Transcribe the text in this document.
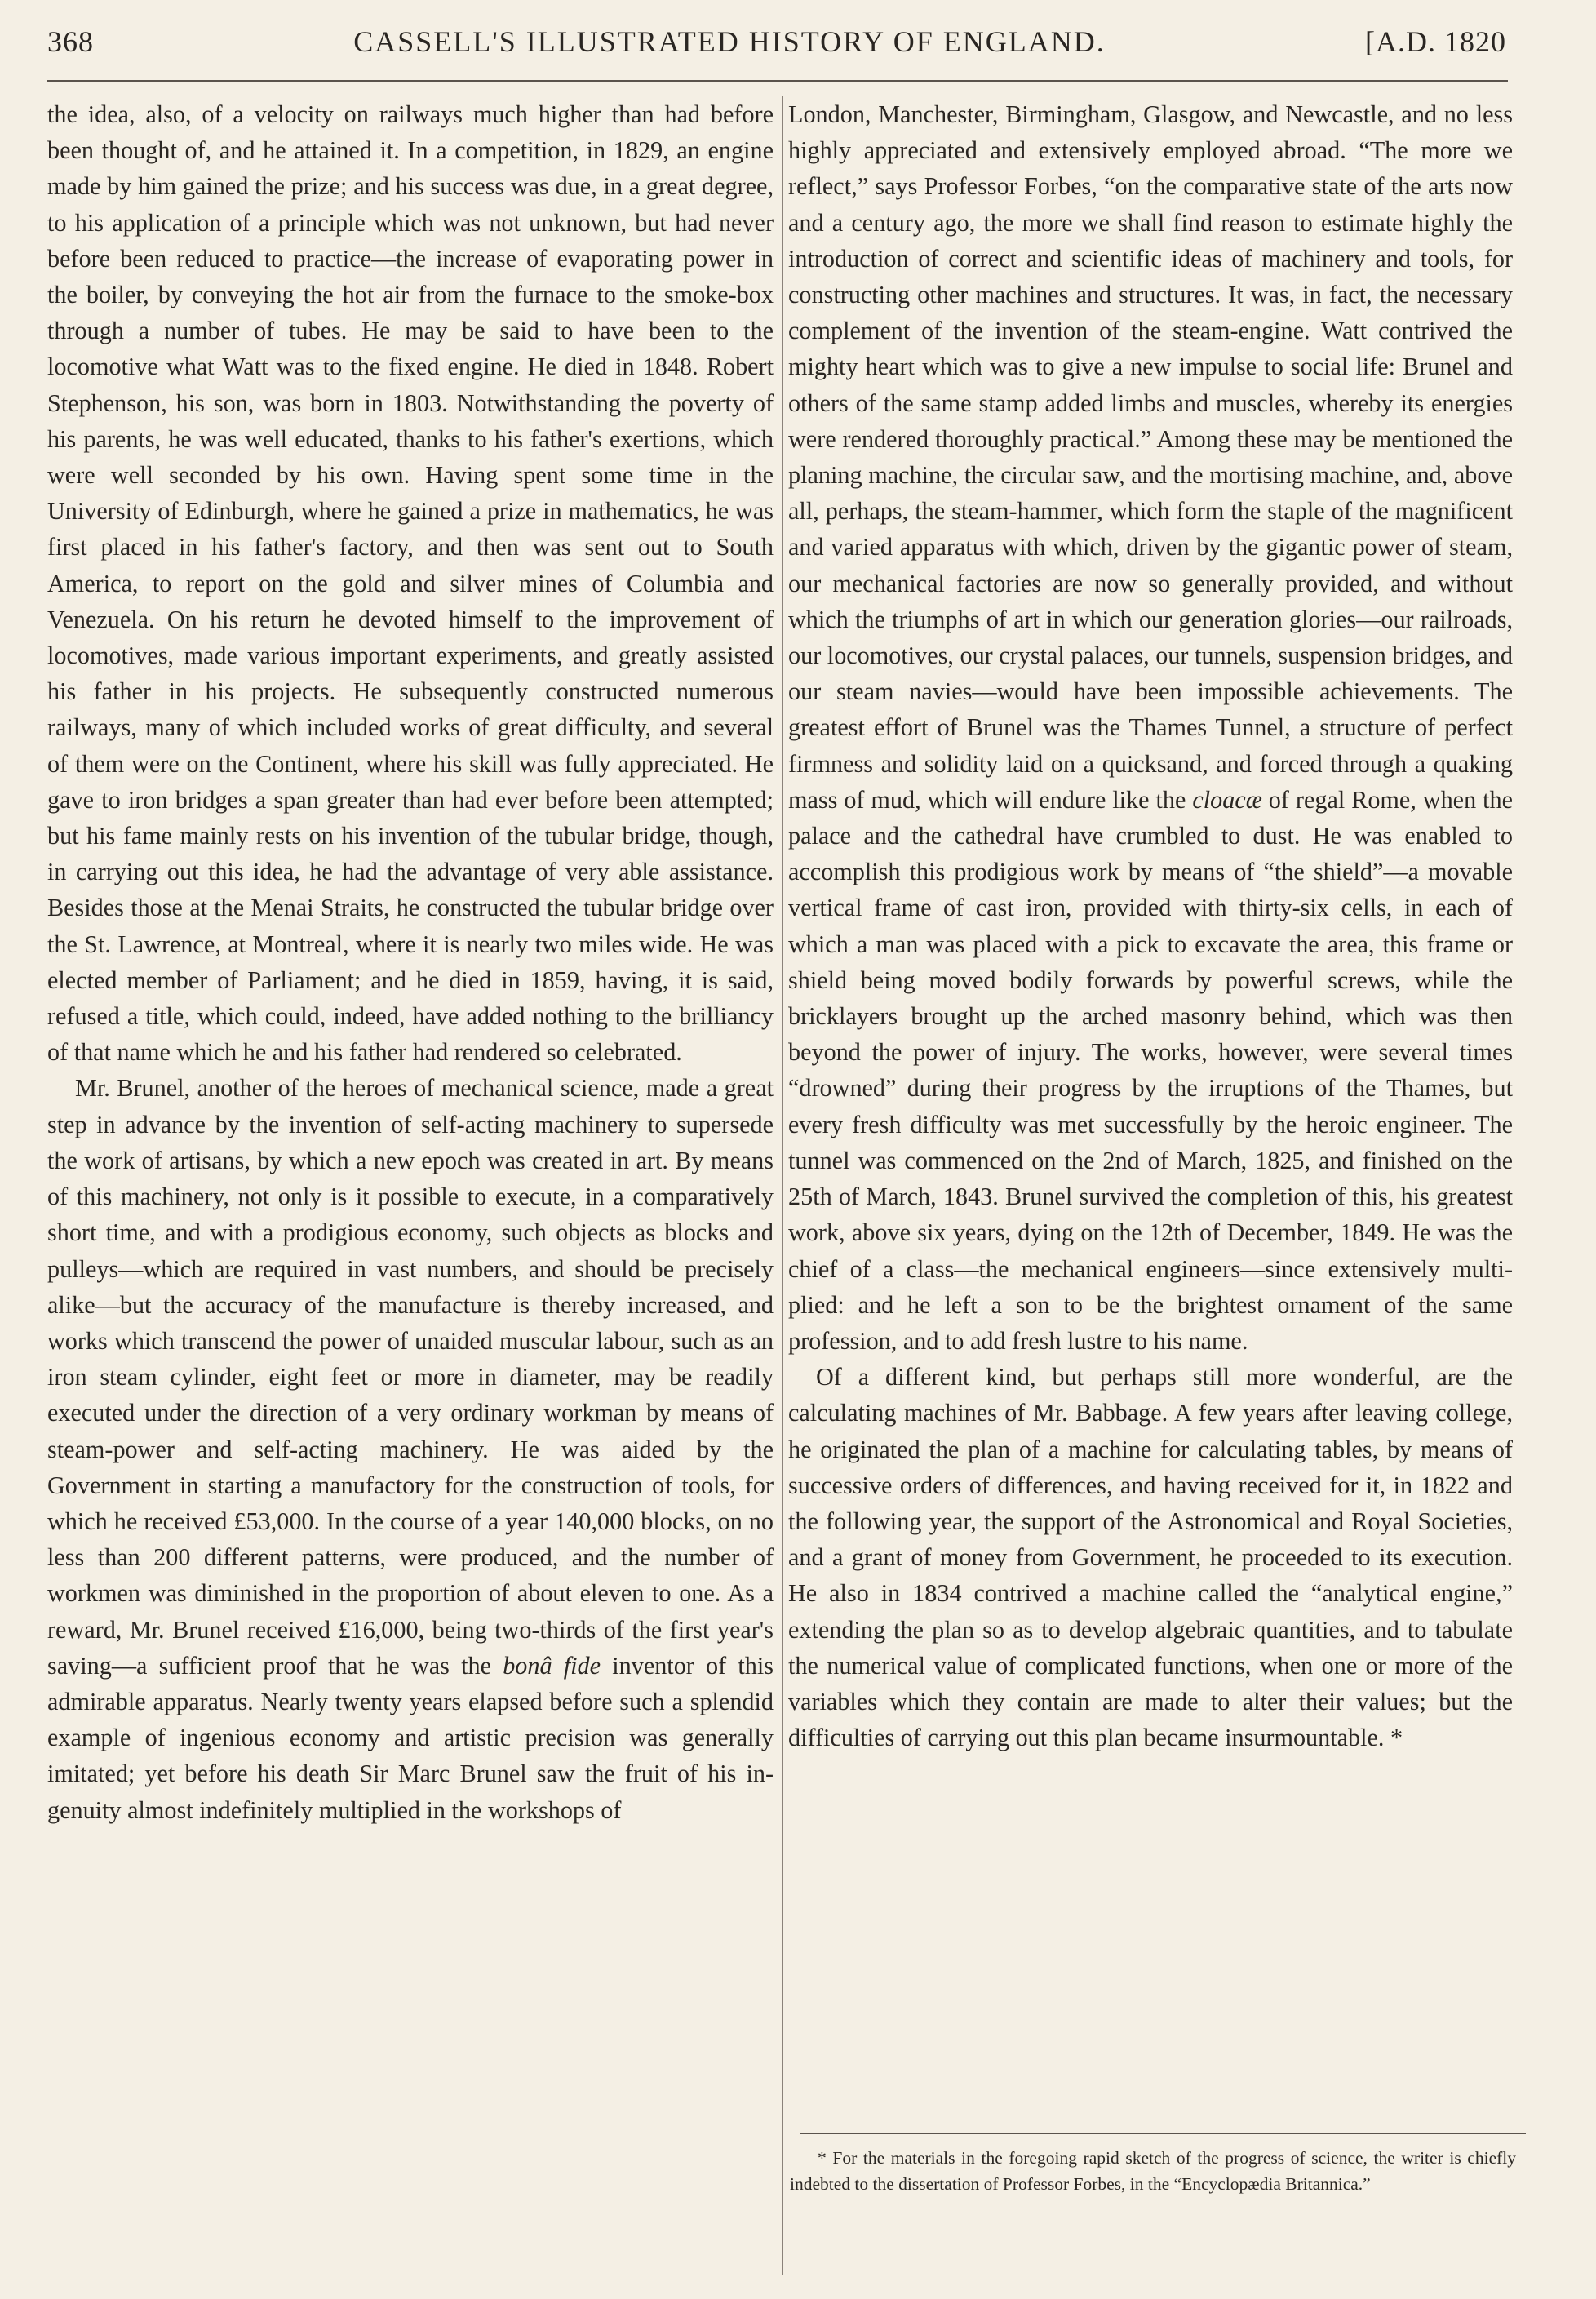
368	CASSELL'S ILLUSTRATED HISTORY OF ENGLAND.	[A.D. 1820

the idea, also, of a velocity on railways much higher than had before been thought of, and he attained it. In a competition, in 1829, an engine made by him gained the prize; and his success was due, in a great degree, to his application of a principle which was not unknown, but had never before been reduced to practice—the increase of evaporating power in the boiler, by conveying the hot air from the furnace to the smoke-box through a number of tubes. He may be said to have been to the locomotive what Watt was to the fixed engine. He died in 1848. Robert Stephenson, his son, was born in 1803. Notwithstanding the poverty of his parents, he was well educated, thanks to his father's exertions, which were well seconded by his own. Having spent some time in the University of Edinburgh, where he gained a prize in mathematics, he was first placed in his father's factory, and then was sent out to South America, to report on the gold and silver mines of Columbia and Venezuela. On his return he devoted himself to the improvement of locomotives, made various important experiments, and greatly assisted his father in his projects. He subsequently constructed numerous railways, many of which included works of great difficulty, and several of them were on the Continent, where his skill was fully appreciated. He gave to iron bridges a span greater than had ever before been attempted; but his fame mainly rests on his invention of the tubular bridge, though, in carrying out this idea, he had the advantage of very able assistance. Besides those at the Menai Straits, he constructed the tubular bridge over the St. Lawrence, at Montreal, where it is nearly two miles wide. He was elected member of Parliament; and he died in 1859, having, it is said, refused a title, which could, indeed, have added nothing to the brilliancy of that name which he and his father had rendered so celebrated.

Mr. Brunel, another of the heroes of mechanical science, made a great step in advance by the invention of self-acting machinery to supersede the work of artisans, by which a new epoch was created in art. By means of this machinery, not only is it possible to execute, in a comparatively short time, and with a prodigious economy, such objects as blocks and pulleys—which are required in vast numbers, and should be precisely alike—but the accuracy of the manufacture is thereby increased, and works which transcend the power of unaided muscular labour, such as an iron steam cylinder, eight feet or more in diameter, may be readily executed under the direction of a very ordinary workman by means of steam-power and self-acting machinery. He was aided by the Government in starting a manufactory for the construction of tools, for which he received £53,000. In the course of a year 140,000 blocks, on no less than 200 different patterns, were produced, and the number of workmen was diminished in the proportion of about eleven to one. As a reward, Mr. Brunel received £16,000, being two-thirds of the first year's saving—a sufficient proof that he was the bonâ fide inventor of this admirable apparatus. Nearly twenty years elapsed before such a splendid example of ingenious economy and artistic precision was generally imitated; yet before his death Sir Marc Brunel saw the fruit of his ingenuity almost indefinitely multiplied in the workshops of

London, Manchester, Birmingham, Glasgow, and Newcastle, and no less highly appreciated and extensively employed abroad. “The more we reflect,” says Professor Forbes, “on the comparative state of the arts now and a century ago, the more we shall find reason to estimate highly the introduction of correct and scientific ideas of machinery and tools, for constructing other machines and structures. It was, in fact, the necessary complement of the invention of the steam-engine. Watt contrived the mighty heart which was to give a new impulse to social life: Brunel and others of the same stamp added limbs and muscles, whereby its energies were rendered thoroughly practical.” Among these may be mentioned the planing machine, the circular saw, and the mortising machine, and, above all, perhaps, the steam-hammer, which form the staple of the magnificent and varied apparatus with which, driven by the gigantic power of steam, our mechanical factories are now so generally provided, and without which the triumphs of art in which our generation glories—our railroads, our locomotives, our crystal palaces, our tunnels, suspension bridges, and our steam navies—would have been impossible achievements. The greatest effort of Brunel was the Thames Tunnel, a structure of perfect firmness and solidity laid on a quicksand, and forced through a quaking mass of mud, which will endure like the cloacæ of regal Rome, when the palace and the cathedral have crumbled to dust. He was enabled to accomplish this prodigious work by means of “the shield”—a movable vertical frame of cast iron, provided with thirty-six cells, in each of which a man was placed with a pick to excavate the area, this frame or shield being moved bodily forwards by powerful screws, while the bricklayers brought up the arched masonry behind, which was then beyond the power of injury. The works, however, were several times “drowned” during their progress by the irruptions of the Thames, but every fresh difficulty was met successfully by the heroic engineer. The tunnel was commenced on the 2nd of March, 1825, and finished on the 25th of March, 1843. Brunel survived the completion of this, his greatest work, above six years, dying on the 12th of December, 1849. He was the chief of a class—the mechanical engineers—since extensively multiplied: and he left a son to be the brightest ornament of the same profession, and to add fresh lustre to his name.

Of a different kind, but perhaps still more wonderful, are the calculating machines of Mr. Babbage. A few years after leaving college, he originated the plan of a machine for calculating tables, by means of successive orders of differences, and having received for it, in 1822 and the following year, the support of the Astronomical and Royal Societies, and a grant of money from Government, he proceeded to its execution. He also in 1834 contrived a machine called the “analytical engine,” extending the plan so as to develop algebraic quantities, and to tabulate the numerical value of complicated functions, when one or more of the variables which they contain are made to alter their values; but the difficulties of carrying out this plan became insurmountable. *

* For the materials in the foregoing rapid sketch of the progress of science, the writer is chiefly indebted to the dissertation of Professor Forbes, in the “Encyclopædia Britannica.”
